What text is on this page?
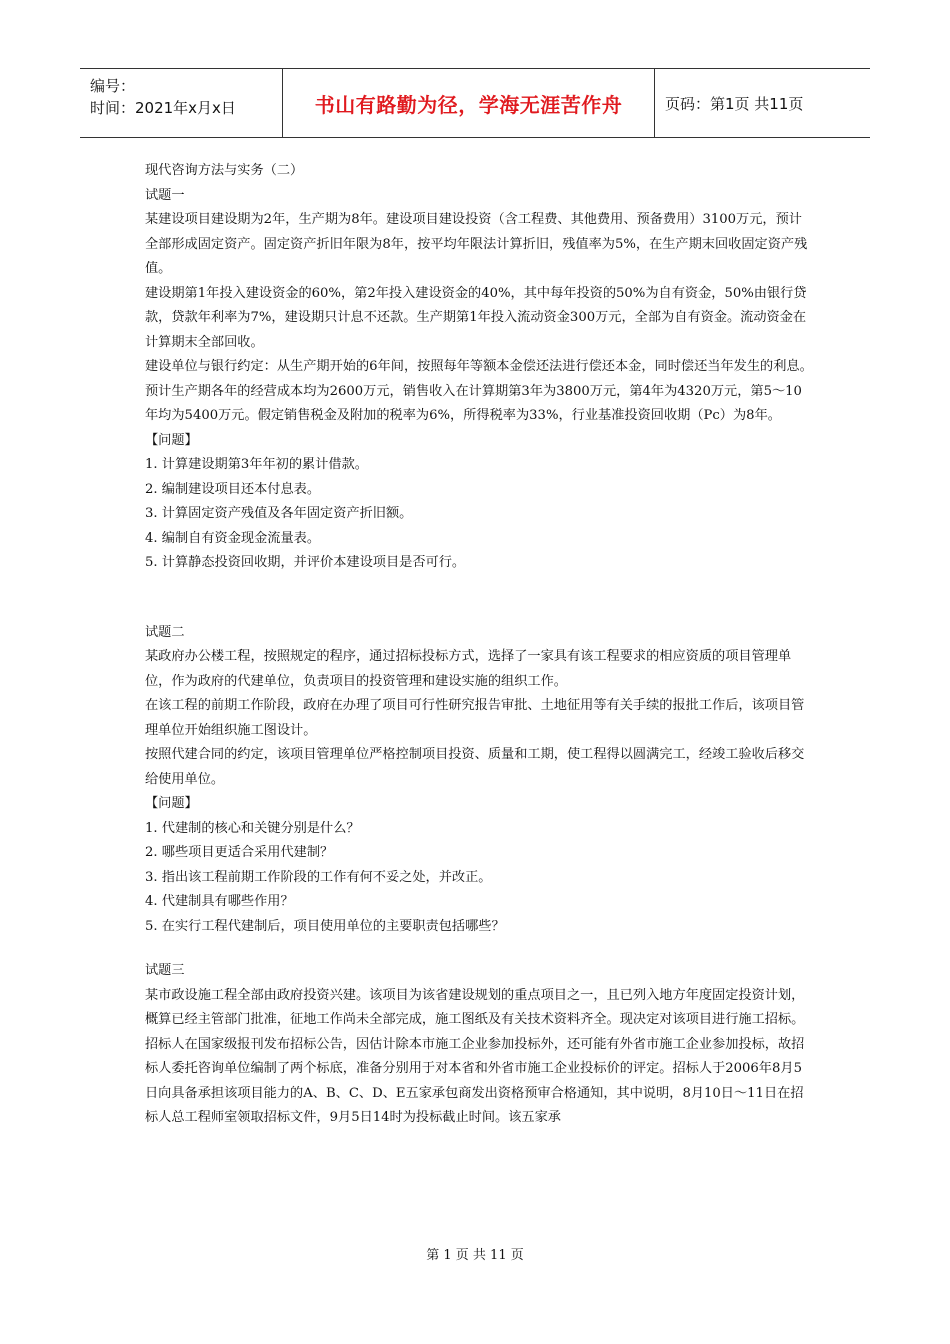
编号：
时间：2021年x月x日	书山有路勤为径，学海无涯苦作舟	页码：第1页 共11页

现代咨询方法与实务（二）

试题一

某建设项目建设期为2年，生产期为8年。建设项目建设投资（含工程费、其他费用、预备费用）3100万元，预计全部形成固定资产。固定资产折旧年限为8年，按平均年限法计算折旧，残值率为5%，在生产期末回收固定资产残值。

建设期第1年投入建设资金的60%，第2年投入建设资金的40%，其中每年投资的50%为自有资金，50%由银行贷款，贷款年利率为7%，建设期只计息不还款。生产期第1年投入流动资金300万元，全部为自有资金。流动资金在计算期末全部回收。

建设单位与银行约定：从生产期开始的6年间，按照每年等额本金偿还法进行偿还本金，同时偿还当年发生的利息。

预计生产期各年的经营成本均为2600万元，销售收入在计算期第3年为3800万元，第4年为4320万元，第5～10年均为5400万元。假定销售税金及附加的税率为6%，所得税率为33%，行业基准投资回收期（Pc）为8年。

【问题】

1. 计算建设期第3年年初的累计借款。

2. 编制建设项目还本付息表。

3. 计算固定资产残值及各年固定资产折旧额。

4. 编制自有资金现金流量表。

5. 计算静态投资回收期，并评价本建设项目是否可行。

试题二

某政府办公楼工程，按照规定的程序，通过招标投标方式，选择了一家具有该工程要求的相应资质的项目管理单位，作为政府的代建单位，负责项目的投资管理和建设实施的组织工作。

在该工程的前期工作阶段，政府在办理了项目可行性研究报告审批、土地征用等有关手续的报批工作后，该项目管理单位开始组织施工图设计。

按照代建合同的约定，该项目管理单位严格控制项目投资、质量和工期，使工程得以圆满完工，经竣工验收后移交给使用单位。

【问题】

1. 代建制的核心和关键分别是什么？

2. 哪些项目更适合采用代建制？

3. 指出该工程前期工作阶段的工作有何不妥之处，并改正。

4. 代建制具有哪些作用？

5. 在实行工程代建制后，项目使用单位的主要职责包括哪些？

试题三

某市政设施工程全部由政府投资兴建。该项目为该省建设规划的重点项目之一，且已列入地方年度固定投资计划，概算已经主管部门批准，征地工作尚未全部完成，施工图纸及有关技术资料齐全。现决定对该项目进行施工招标。招标人在国家级报刊发布招标公告，因估计除本市施工企业参加投标外，还可能有外省市施工企业参加投标，故招标人委托咨询单位编制了两个标底，准备分别用于对本省和外省市施工企业投标价的评定。招标人于2006年8月5日向具备承担该项目能力的A、B、C、D、E五家承包商发出资格预审合格通知，其中说明，8月10日～11日在招标人总工程师室领取招标文件，9月5日14时为投标截止时间。该五家承

第 1 页 共 11 页
